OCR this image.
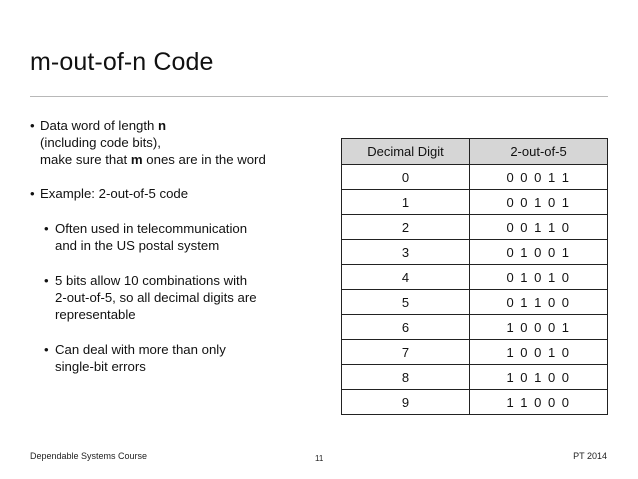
m-out-of-n Code
• Data word of length n
(including code bits),
make sure that m ones are in the word
• Example: 2-out-of-5 code
• Often used in telecommunication
and in the US postal system
• 5 bits allow 10 combinations with
2-out-of-5, so all decimal digits are
representable
• Can deal with more than only
single-bit errors
Decimal Digit	2-out-of-5
0	0 0 0 1 1
1	0 0 1 0 1
2	0 0 1 1 0
3	0 1 0 0 1
4	0 1 0 1 0
5	0 1 1 0 0
6	1 0 0 0 1
7	1 0 0 1 0
8	1 0 1 0 0
9	1 1 0 0 0
Dependable Systems Course	11	PT 2014
